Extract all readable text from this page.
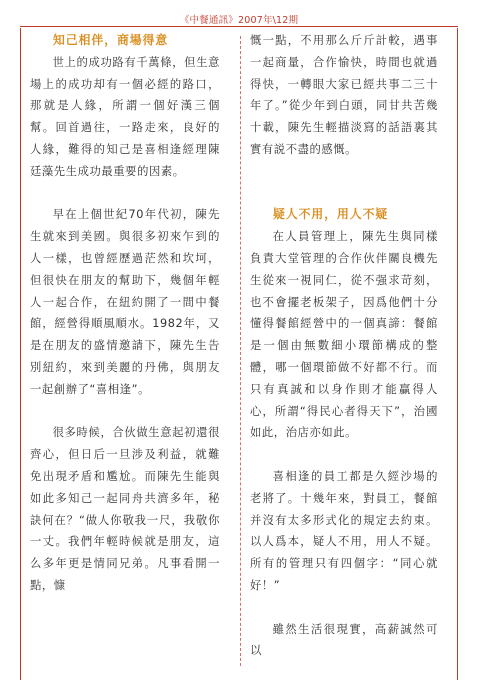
《中餐通訊》2007年\12期

知己相伴，商場得意

世上的成功路有千萬條，但生意場上的成功却有一個必經的路口，那就是人緣，所謂一個好漢三個幫。回首過往，一路走來，良好的人緣，難得的知己是喜相逢經理陳廷藻先生成功最重要的因素。

早在上個世紀70年代初，陳先生就來到美國。與很多初來乍到的人一樣，也曾經歷過茫然和坎坷，但很快在朋友的幫助下，幾個年輕人一起合作，在紐約開了一間中餐館，經營得順風順水。1982年，又是在朋友的盛情邀請下，陳先生告別紐約，來到美麗的丹佛，與朋友一起創辦了“喜相逢”。

很多時候，合伙做生意起初還很齊心，但日后一旦涉及利益，就難免出現矛盾和尷尬。而陳先生能與如此多知己一起同舟共濟多年，秘訣何在？“做人你敬我一尺，我敬你一丈。我們年輕時候就是朋友，這么多年更是情同兄弟。凡事看開一點，慷

慨一點，不用那么斤斤計較，遇事一起商量，合作愉快，時間也就過得快，一轉眼大家已經共事二三十年了。”從少年到白頭，同甘共苦幾十載，陳先生輕描淡寫的話語裏其實有説不盡的感慨。

疑人不用，用人不疑

在人員管理上，陳先生與同樣負責大堂管理的合作伙伴關良機先生從來一視同仁，從不强求苛刻，也不會擺老板架子，因爲他們十分懂得餐館經營中的一個真諦：餐館是一個由無數細小環節構成的整體，哪一個環節做不好都不行。而只有真誠和以身作則才能贏得人心，所謂“得民心者得天下”，治國如此，治店亦如此。

喜相逢的員工都是久經沙場的老將了。十幾年來，對員工，餐館并沒有太多形式化的規定去約束。以人爲本，疑人不用，用人不疑。所有的管理只有四個字：“同心就好！”

雖然生活很現實，高薪誠然可以
